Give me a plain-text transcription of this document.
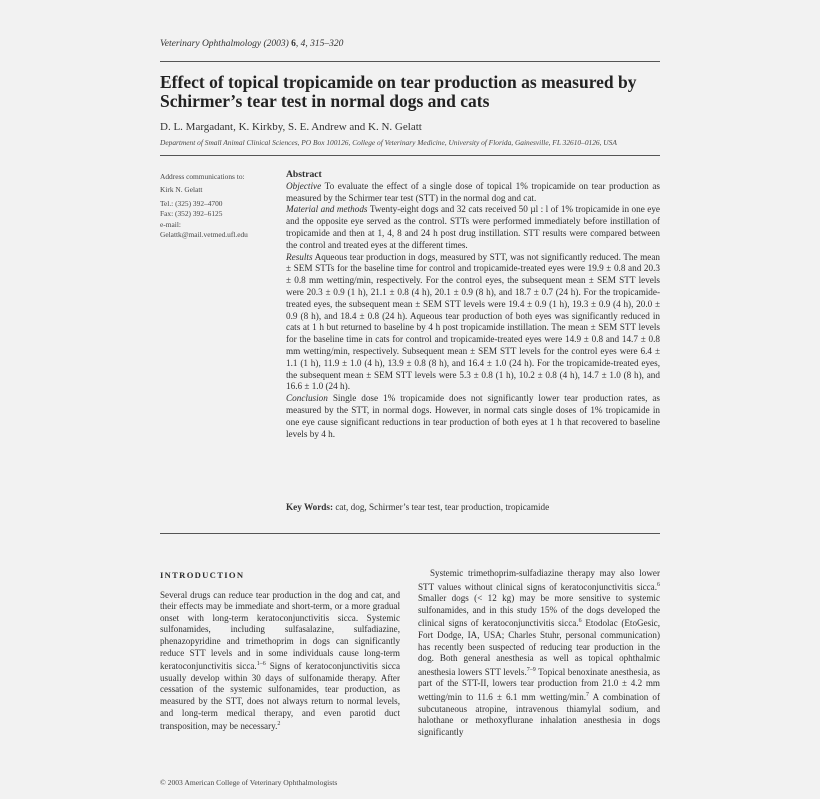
Veterinary Ophthalmology (2003) 6, 4, 315–320
Effect of topical tropicamide on tear production as measured by Schirmer’s tear test in normal dogs and cats
D. L. Margadant, K. Kirkby, S. E. Andrew and K. N. Gelatt
Department of Small Animal Clinical Sciences, PO Box 100126, College of Veterinary Medicine, University of Florida, Gainesville, FL 32610–0126, USA
Address communications to:
Kirk N. Gelatt
Tel.: (325) 392–4700
Fax: (352) 392–6125
e-mail:
Gelattk@mail.vetmed.ufl.edu
Abstract

Objective To evaluate the effect of a single dose of topical 1% tropicamide on tear production as measured by the Schirmer tear test (STT) in the normal dog and cat.

Material and methods Twenty-eight dogs and 32 cats received 50 µl : l of 1% tropicamide in one eye and the opposite eye served as the control. STTs were performed immediately before instillation of tropicamide and then at 1, 4, 8 and 24 h post drug instillation. STT results were compared between the control and treated eyes at the different times.

Results Aqueous tear production in dogs, measured by STT, was not significantly reduced. The mean ± SEM STTs for the baseline time for control and tropicamide-treated eyes were 19.9 ± 0.8 and 20.3 ± 0.8 mm wetting/min, respectively. For the control eyes, the subsequent mean ± SEM STT levels were 20.3 ± 0.9 (1 h), 21.1 ± 0.8 (4 h), 20.1 ± 0.9 (8 h), and 18.7 ± 0.7 (24 h). For the tropicamide-treated eyes, the subsequent mean ± SEM STT levels were 19.4 ± 0.9 (1 h), 19.3 ± 0.9 (4 h), 20.0 ± 0.9 (8 h), and 18.4 ± 0.8 (24 h). Aqueous tear production of both eyes was significantly reduced in cats at 1 h but returned to baseline by 4 h post tropicamide instillation. The mean ± SEM STT levels for the baseline time in cats for control and tropicamide-treated eyes were 14.9 ± 0.8 and 14.7 ± 0.8 mm wetting/min, respectively. Subsequent mean ± SEM STT levels for the control eyes were 6.4 ± 1.1 (1 h), 11.9 ± 1.0 (4 h), 13.9 ± 0.8 (8 h), and 16.4 ± 1.0 (24 h). For the tropicamide-treated eyes, the subsequent mean ± SEM STT levels were 5.3 ± 0.8 (1 h), 10.2 ± 0.8 (4 h), 14.7 ± 1.0 (8 h), and 16.6 ± 1.0 (24 h).

Conclusion Single dose 1% tropicamide does not significantly lower tear production rates, as measured by the STT, in normal dogs. However, in normal cats single doses of 1% tropicamide in one eye cause significant reductions in tear production of both eyes at 1 h that recovered to baseline levels by 4 h.

Key Words: cat, dog, Schirmer’s tear test, tear production, tropicamide

INTRODUCTION

Several drugs can reduce tear production in the dog and cat, and their effects may be immediate and short-term, or a more gradual onset with long-term keratoconjunctivitis sicca. Systemic sulfonamides, including sulfasalazine, sulfadiazine, phenazopyridine and trimethoprim in dogs can significantly reduce STT levels and in some individuals cause long-term keratoconjunctivitis sicca.$^{1-6}$ Signs of keratoconjunctivitis sicca usually develop within 30 days of sulfonamide therapy. After cessation of the systemic sulfonamides, tear production, as measured by the STT, does not always return to normal levels, and long-term medical therapy, and even parotid duct transposition, may be necessary.$^2$

Systemic trimethoprim-sulfadiazine therapy may also lower STT values without clinical signs of keratoconjunctivitis sicca.$^6$ Smaller dogs (< 12 kg) may be more sensitive to systemic sulfonamides, and in this study 15% of the dogs developed the clinical signs of keratoconjunctivitis sicca.$^6$ Etodolac (EtoGesic, Fort Dodge, IA, USA; Charles Stuhr, personal communication) has recently been suspected of reducing tear production in the dog. Both general anesthesia as well as topical ophthalmic anesthesia lowers STT levels.$^{7-9}$ Topical benoxinate anesthesia, as part of the STT-II, lowers tear production from 21.0 ± 4.2 mm wetting/min to 11.6 ± 6.1 mm wetting/min.$^7$ A combination of subcutaneous atropine, intravenous thiamylal sodium, and halothane or methoxyflurane inhalation anesthesia in dogs significantly

© 2003 American College of Veterinary Ophthalmologists
